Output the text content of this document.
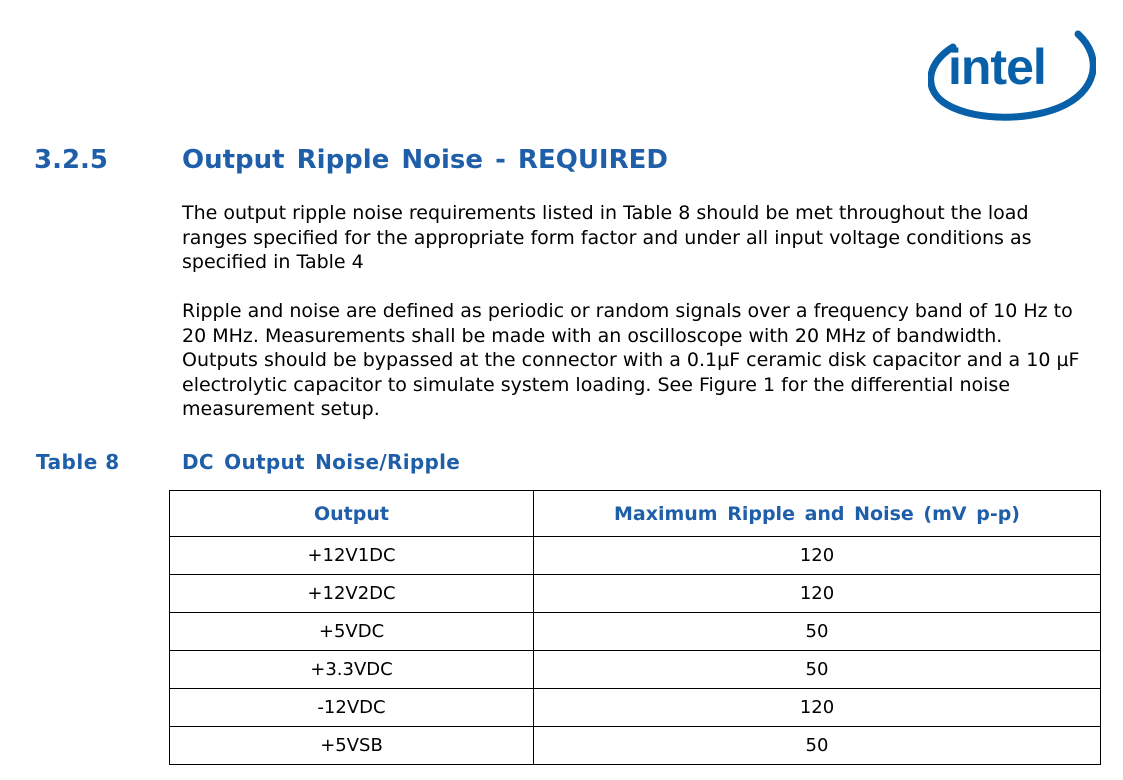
intel
3.2.5	Output Ripple Noise - REQUIRED

The output ripple noise requirements listed in Table 8 should be met throughout the load ranges specified for the appropriate form factor and under all input voltage conditions as specified in Table 4

Ripple and noise are defined as periodic or random signals over a frequency band of 10 Hz to 20 MHz. Measurements shall be made with an oscilloscope with 20 MHz of bandwidth. Outputs should be bypassed at the connector with a 0.1µF ceramic disk capacitor and a 10 µF electrolytic capacitor to simulate system loading. See Figure 1 for the differential noise measurement setup.

Table 8	DC Output Noise/Ripple
Output	Maximum Ripple and Noise (mV p-p)
+12V1DC	120
+12V2DC	120
+5VDC	50
+3.3VDC	50
-12VDC	120
+5VSB	50
